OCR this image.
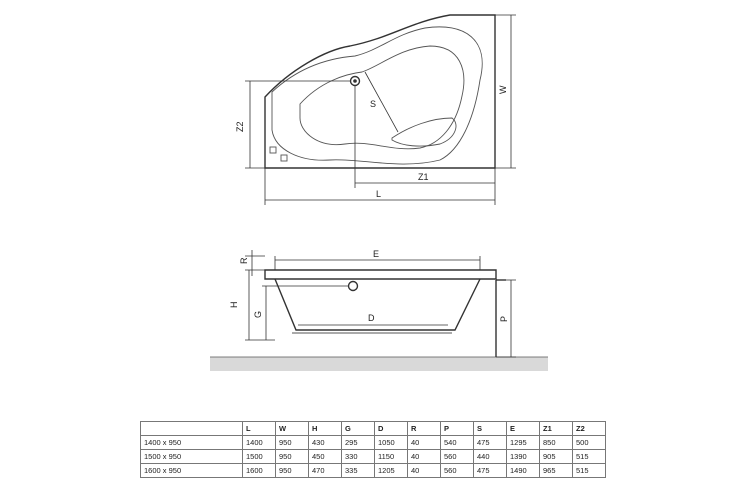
S
Z2
W
Z1
L
E
R
H
G	D	P
	L	W	H	G	D	R	P	S	E	Z1	Z2
1400 x 950	1400	950	430	295	1050	40	540	475	1295	850	500
1500 x 950	1500	950	450	330	1150	40	560	440	1390	905	515
1600 x 950	1600	950	470	335	1205	40	560	475	1490	965	515
